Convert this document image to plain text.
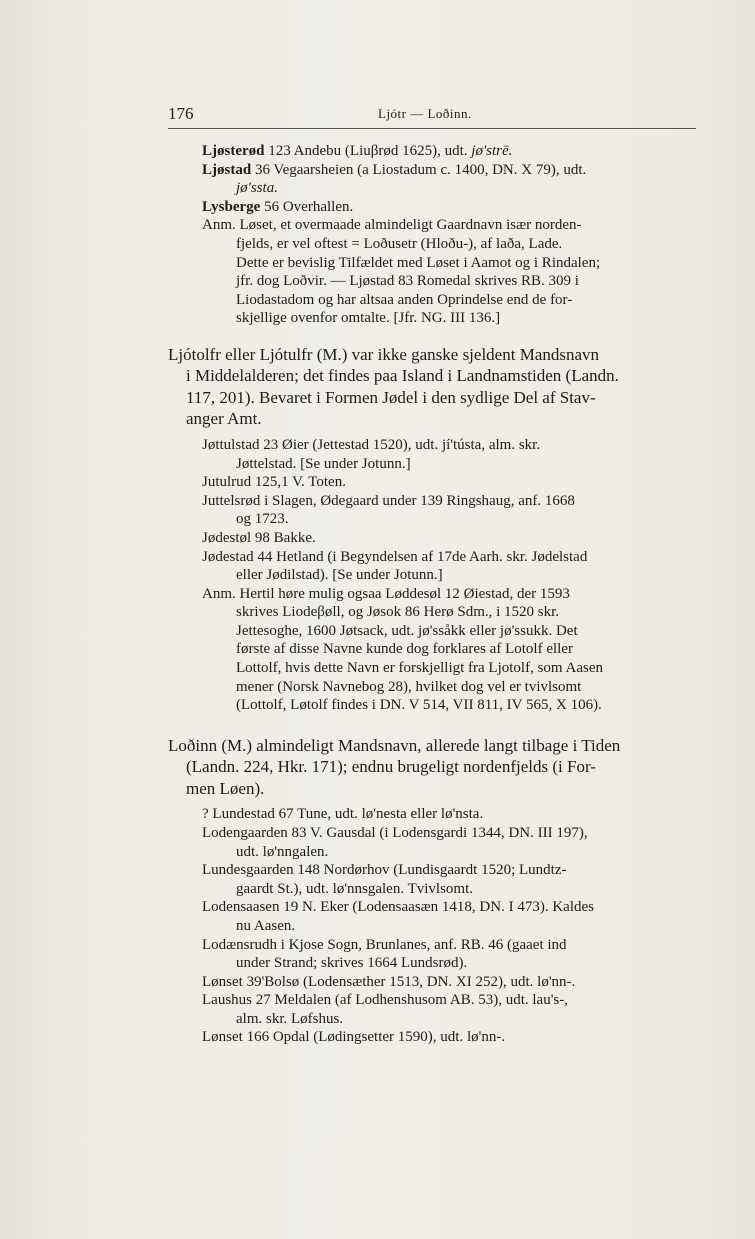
176	Ljótr — Loðinn.

Ljøsterød 123 Andebu (Liuβrød 1625), udt. jø'strē.

Ljøstad 36 Vegaarsheien (a Liostadum c. 1400, DN. X 79), udt.

jø'ssta.

Lysberge 56 Overhallen.

Anm. Løset, et overmaade almindeligt Gaardnavn især norden-

fjelds, er vel oftest = Loðusetr (Hloðu-), af laða, Lade.

Dette er bevislig Tilfældet med Løset i Aamot og i Rindalen;

jfr. dog Loðvir. — Ljøstad 83 Romedal skrives RB. 309 i

Liodastadom og har altsaa anden Oprindelse end de for-

skjellige ovenfor omtalte. [Jfr. NG. III 136.]

Ljótolfr eller Ljótulfr (M.) var ikke ganske sjeldent Mandsnavn

i Middelalderen; det findes paa Island i Landnamstiden (Landn.

117, 201). Bevaret i Formen Jødel i den sydlige Del af Stav-

anger Amt.

Jøttulstad 23 Øier (Jettestad 1520), udt. jí'tústa, alm. skr.

Jøttelstad. [Se under Jotunn.]

Jutulrud 125,1 V. Toten.

Juttelsrød i Slagen, Ødegaard under 139 Ringshaug, anf. 1668

og 1723.

Jødestøl 98 Bakke.

Jødestad 44 Hetland (i Begyndelsen af 17de Aarh. skr. Jødelstad

eller Jødilstad). [Se under Jotunn.]

Anm. Hertil høre mulig ogsaa Løddesøl 12 Øiestad, der 1593

skrives Liodeβøll, og Jøsok 86 Herø Sdm., i 1520 skr.

Jettesoghe, 1600 Jøtsack, udt. jø'ssåkk eller jø'ssukk. Det

første af disse Navne kunde dog forklares af Lotolf eller

Lottolf, hvis dette Navn er forskjelligt fra Ljotolf, som Aasen

mener (Norsk Navnebog 28), hvilket dog vel er tvivlsomt

(Lottolf, Løtolf findes i DN. V 514, VII 811, IV 565, X 106).

Loðinn (M.) almindeligt Mandsnavn, allerede langt tilbage i Tiden

(Landn. 224, Hkr. 171); endnu brugeligt nordenfjelds (i For-

men Løen).

? Lundestad 67 Tune, udt. lø'nesta eller lø'nsta.

Lodengaarden 83 V. Gausdal (i Lodensgardi 1344, DN. III 197),

udt. lø'nngalen.

Lundesgaarden 148 Nordørhov (Lundisgaardt 1520; Lundtz-

gaardt St.), udt. lø'nnsgalen. Tvivlsomt.

Lodensaasen 19 N. Eker (Lodensaasæn 1418, DN. I 473). Kaldes

nu Aasen.

Lodænsrudh i Kjose Sogn, Brunlanes, anf. RB. 46 (gaaet ind

under Strand; skrives 1664 Lundsrød).

Lønset 39'Bolsø (Lodensæther 1513, DN. XI 252), udt. lø'nn-.

Laushus 27 Meldalen (af Lodhenshusom AB. 53), udt. lau's-,

alm. skr. Løfshus.

Lønset 166 Opdal (Lødingsetter 1590), udt. lø'nn-.
